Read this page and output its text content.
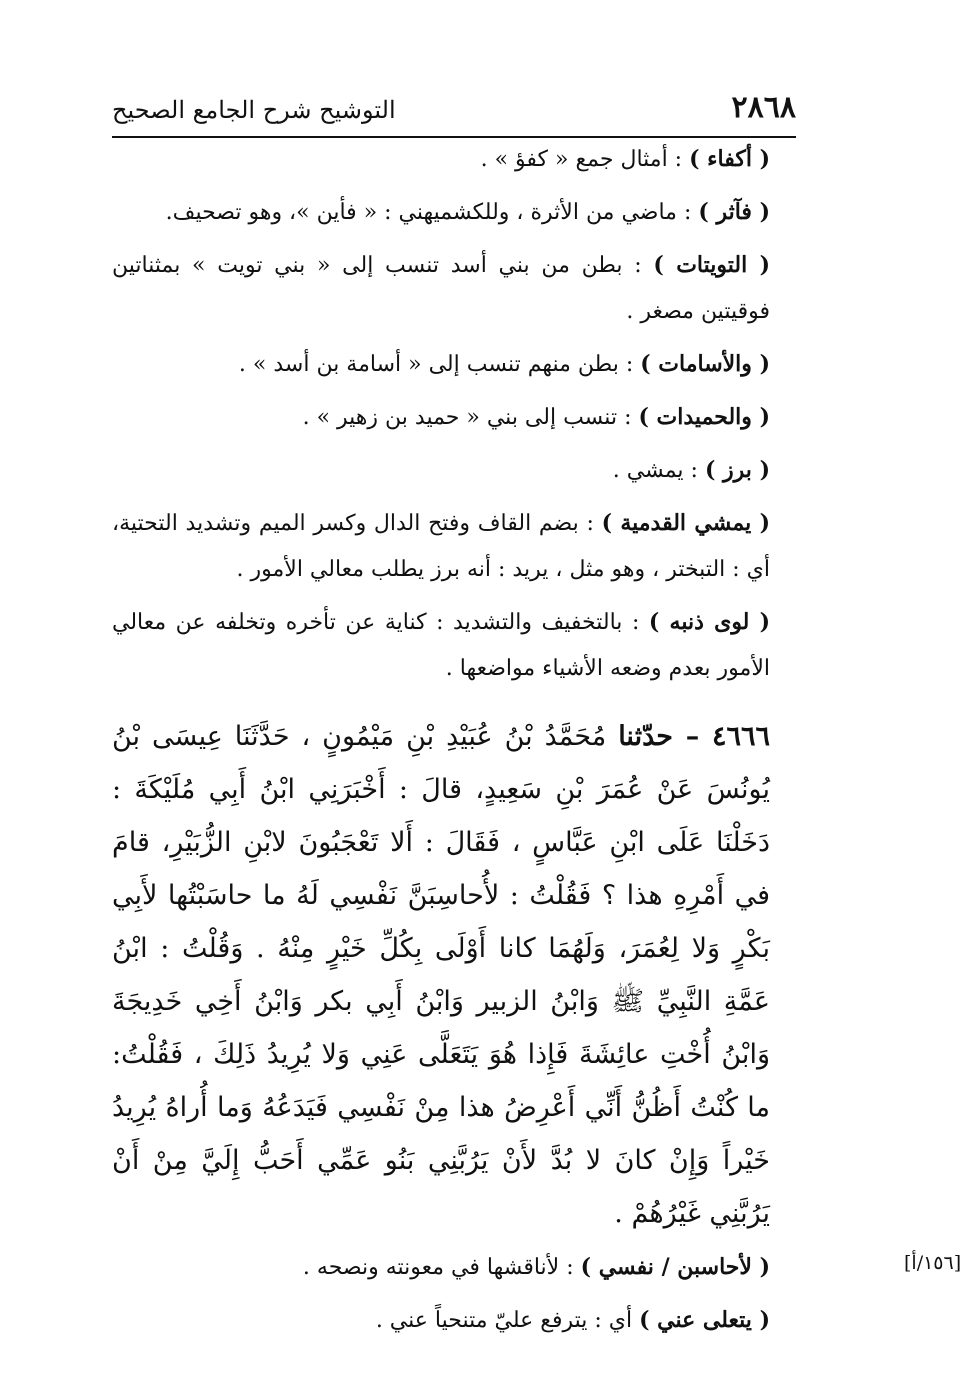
٢٨٦٨
التوشيح شرح الجامع الصحيح

( أكفاء ) : أمثال جمع « كفؤ » .

( فآثر ) : ماضي من الأثرة ، وللكشميهني : « فأين »، وهو تصحيف.

( التويتات ) : بطن من بني أسد تنسب إلى « بني تويت » بمثناتين فوقيتين مصغر .

( والأسامات ) : بطن منهم تنسب إلى « أسامة بن أسد » .

( والحميدات ) : تنسب إلى بني « حميد بن زهير » .

( برز ) : يمشي .

( يمشي القدمية ) : بضم القاف وفتح الدال وكسر الميم وتشديد التحتية، أي : التبختر ، وهو مثل ، يريد : أنه برز يطلب معالي الأمور .

( لوى ذنبه ) : بالتخفيف والتشديد : كناية عن تأخره وتخلفه عن معالي الأمور بعدم وضعه الأشياء مواضعها .

٤٦٦٦ – حدّثنا مُحَمَّدُ بْنُ عُبَيْدِ بْنِ مَيْمُونٍ ، حَدَّثَنَا عِيسَى بْنُ يُونُسَ عَنْ عُمَرَ بْنِ سَعِيدٍ، قالَ : أَخْبَرَنِي ابْنُ أَبِي مُلَيْكَةَ : دَخَلْنَا عَلَى ابْنِ عَبَّاسٍ ، فَقَالَ : أَلا تَعْجَبُونَ لابْنِ الزُّبَيْرِ، قامَ في أَمْرِهِ هذا ؟ فَقُلْتُ : لأُحاسِبَنَّ نَفْسِي لَهُ ما حاسَبْتُها لأَبِي بَكْرٍ وَلا لِعُمَرَ، وَلَهُمَا كانا أَوْلَى بِكُلِّ خَيْرٍ مِنْهُ . وَقُلْتُ : ابْنُ عَمَّةِ النَّبِيِّ ﷺ وَابْنُ الزبير وَابْنُ أَبِي بكر وَابْنُ أَخِي خَدِيجَةَ وَابْنُ أُخْتِ عائِشَةَ فَإِذا هُوَ يَتَعَلَّى عَنِي وَلا يُرِيدُ ذَلِكَ ، فَقُلْتُ: ما كُنْتُ أَظُنُّ أَنِّي أَعْرِضُ هذا مِنْ نَفْسِي فَيَدَعُهُ وَما أُراهُ يُرِيدُ خَيْراً وَإِنْ كانَ لا بُدَّ لأَنْ يَرُبَّنِي بَنُو عَمِّي أَحَبُّ إِلَيَّ مِنْ أَنْ يَرُبَّنِي غَيْرُهُمْ .

( لأحاسبن / نفسي ) : لأناقشها في معونته ونصحه .	[١٥٦/أ]

( يتعلى عني ) أي : يترفع عليّ متنحياً عني .
